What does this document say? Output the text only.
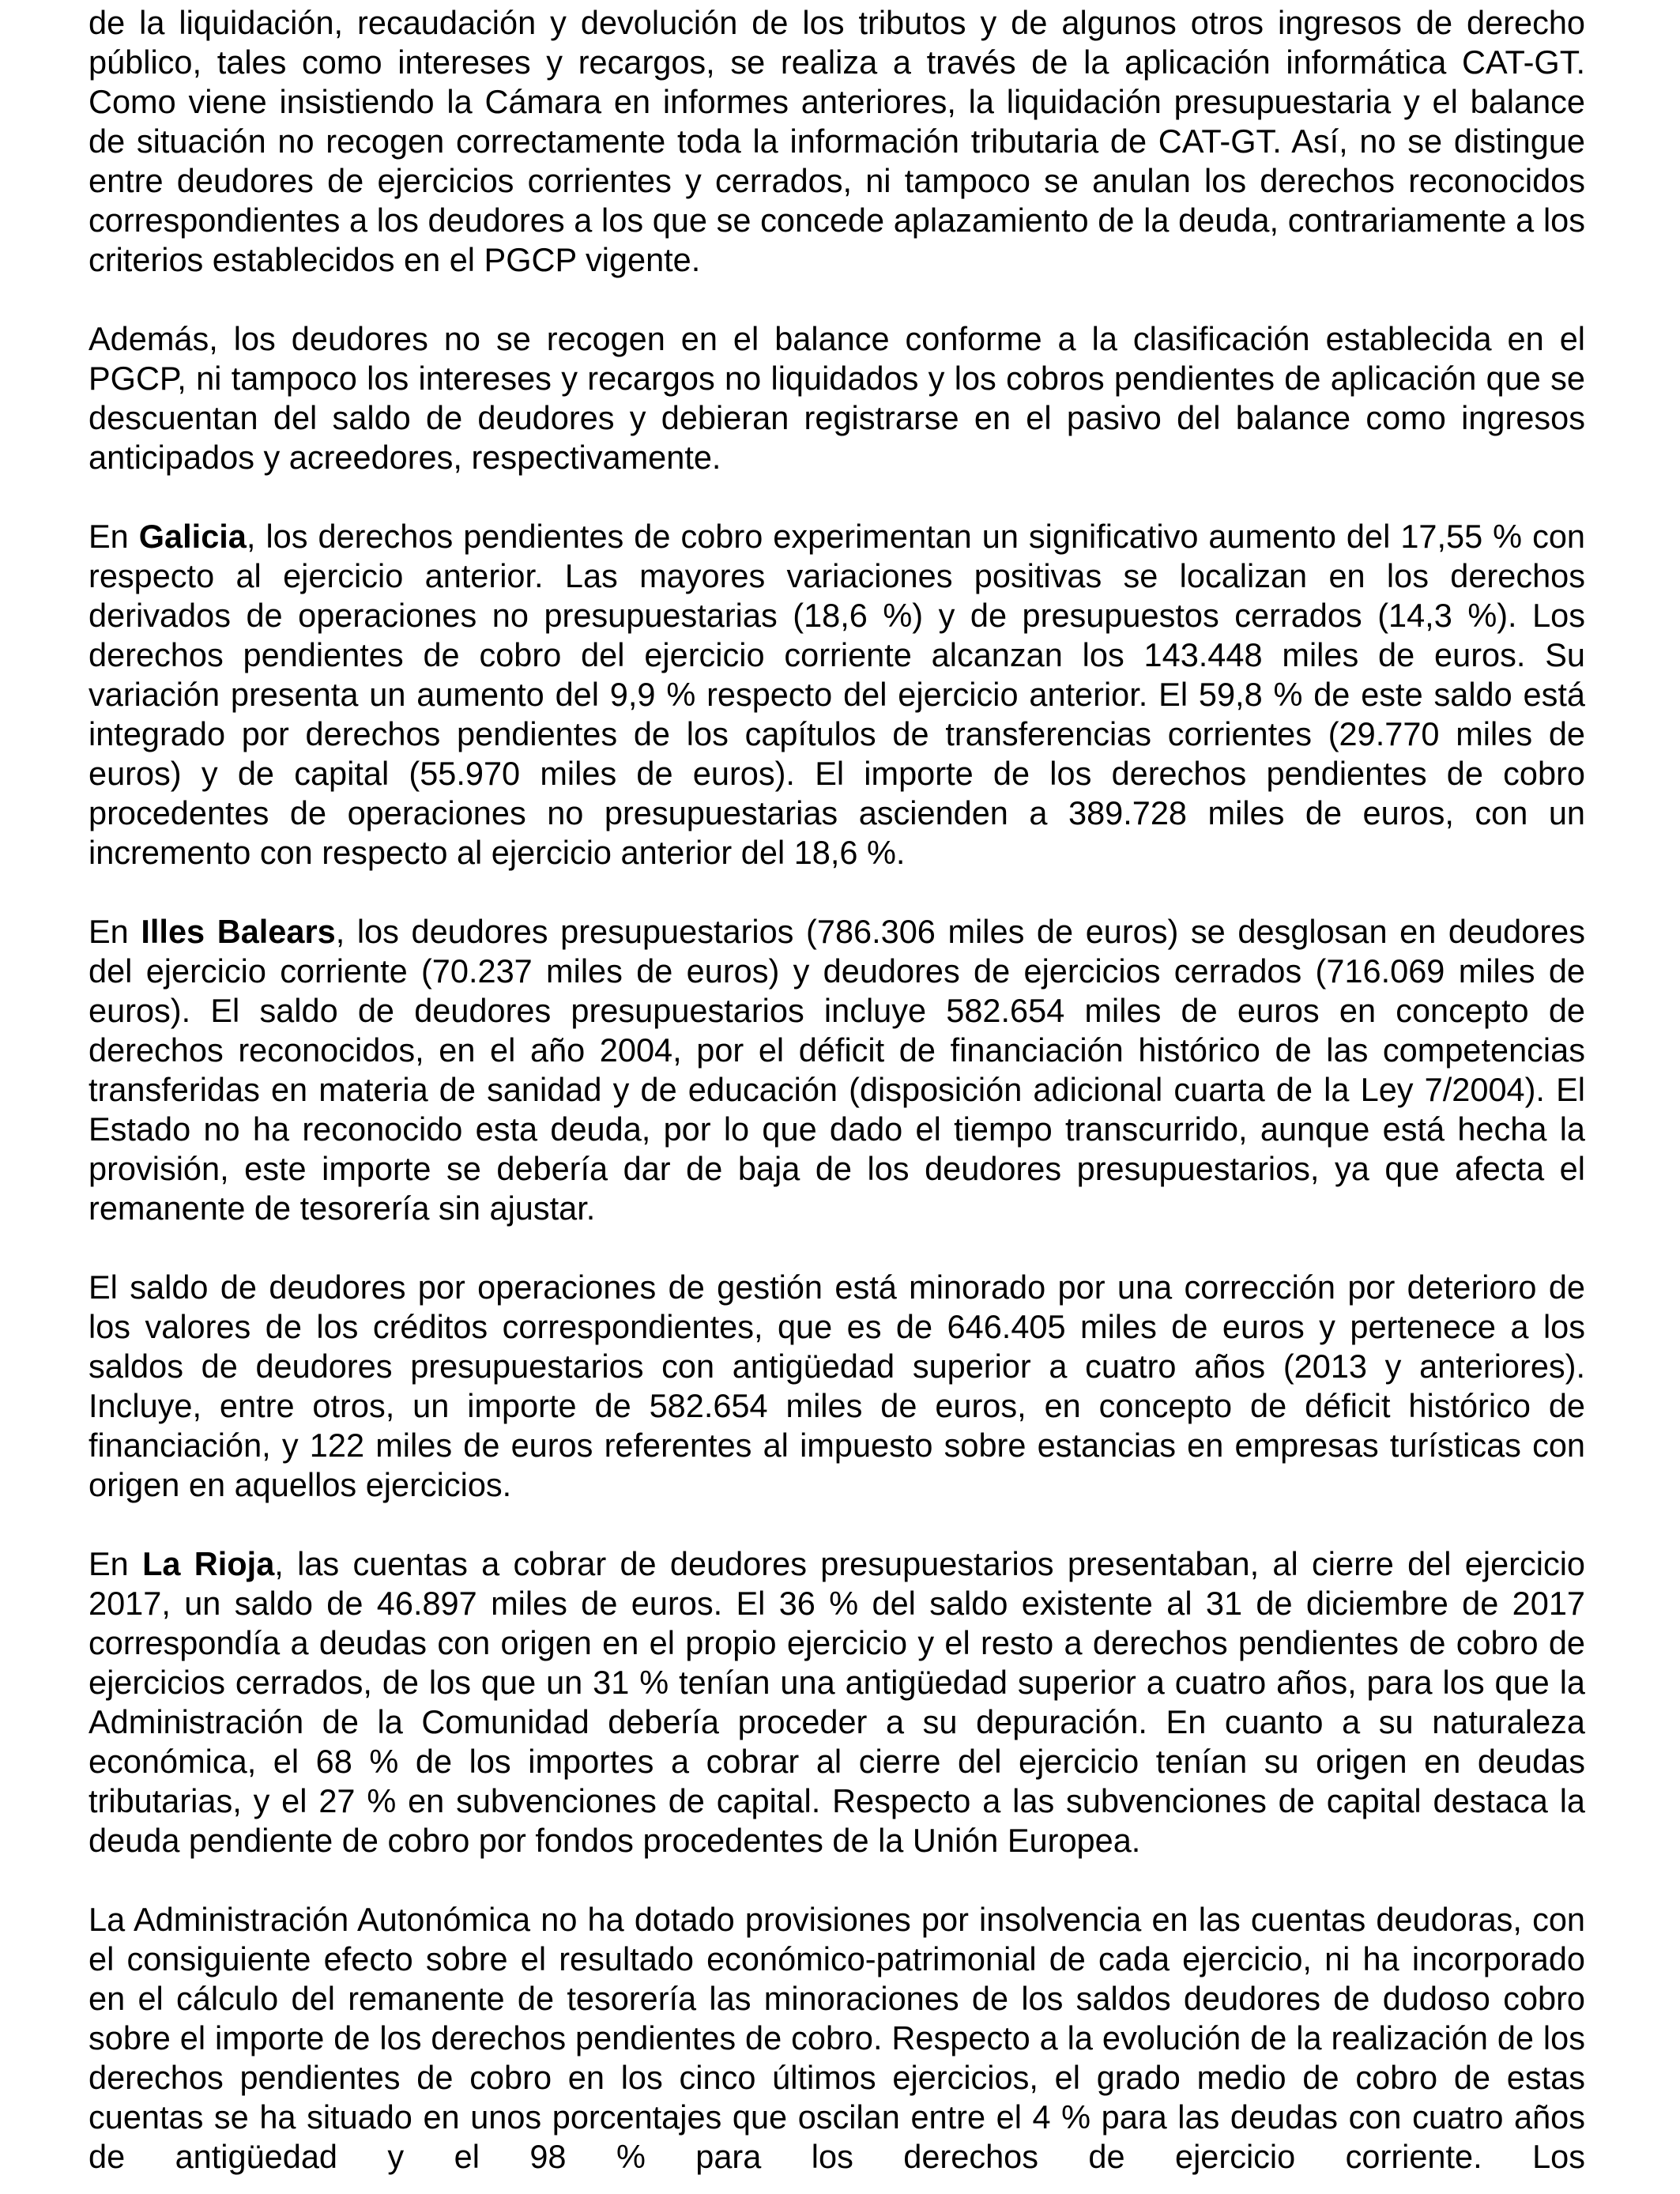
de la liquidación, recaudación y devolución de los tributos y de algunos otros ingresos de derecho público, tales como intereses y recargos, se realiza a través de la aplicación informática CAT-GT. Como viene insistiendo la Cámara en informes anteriores, la liquidación presupuestaria y el balance de situación no recogen correctamente toda la información tributaria de CAT-GT. Así, no se distingue entre deudores de ejercicios corrientes y cerrados, ni tampoco se anulan los derechos reconocidos correspondientes a los deudores a los que se concede aplazamiento de la deuda, contrariamente a los criterios establecidos en el PGCP vigente.

Además, los deudores no se recogen en el balance conforme a la clasificación establecida en el PGCP, ni tampoco los intereses y recargos no liquidados y los cobros pendientes de aplicación que se descuentan del saldo de deudores y debieran registrarse en el pasivo del balance como ingresos anticipados y acreedores, respectivamente.

En Galicia, los derechos pendientes de cobro experimentan un significativo aumento del 17,55 % con respecto al ejercicio anterior. Las mayores variaciones positivas se localizan en los derechos derivados de operaciones no presupuestarias (18,6 %) y de presupuestos cerrados (14,3 %). Los derechos pendientes de cobro del ejercicio corriente alcanzan los 143.448 miles de euros. Su variación presenta un aumento del 9,9 % respecto del ejercicio anterior. El 59,8 % de este saldo está integrado por derechos pendientes de los capítulos de transferencias corrientes (29.770 miles de euros) y de capital (55.970 miles de euros). El importe de los derechos pendientes de cobro procedentes de operaciones no presupuestarias ascienden a 389.728 miles de euros, con un incremento con respecto al ejercicio anterior del 18,6 %.

En Illes Balears, los deudores presupuestarios (786.306 miles de euros) se desglosan en deudores del ejercicio corriente (70.237 miles de euros) y deudores de ejercicios cerrados (716.069 miles de euros). El saldo de deudores presupuestarios incluye 582.654 miles de euros en concepto de derechos reconocidos, en el año 2004, por el déficit de financiación histórico de las competencias transferidas en materia de sanidad y de educación (disposición adicional cuarta de la Ley 7/2004). El Estado no ha reconocido esta deuda, por lo que dado el tiempo transcurrido, aunque está hecha la provisión, este importe se debería dar de baja de los deudores presupuestarios, ya que afecta el remanente de tesorería sin ajustar.

El saldo de deudores por operaciones de gestión está minorado por una corrección por deterioro de los valores de los créditos correspondientes, que es de 646.405 miles de euros y pertenece a los saldos de deudores presupuestarios con antigüedad superior a cuatro años (2013 y anteriores). Incluye, entre otros, un importe de 582.654 miles de euros, en concepto de déficit histórico de financiación, y 122 miles de euros referentes al impuesto sobre estancias en empresas turísticas con origen en aquellos ejercicios.

En La Rioja, las cuentas a cobrar de deudores presupuestarios presentaban, al cierre del ejercicio 2017, un saldo de 46.897 miles de euros. El 36 % del saldo existente al 31 de diciembre de 2017 correspondía a deudas con origen en el propio ejercicio y el resto a derechos pendientes de cobro de ejercicios cerrados, de los que un 31 % tenían una antigüedad superior a cuatro años, para los que la Administración de la Comunidad debería proceder a su depuración. En cuanto a su naturaleza económica, el 68 % de los importes a cobrar al cierre del ejercicio tenían su origen en deudas tributarias, y el 27 % en subvenciones de capital. Respecto a las subvenciones de capital destaca la deuda pendiente de cobro por fondos procedentes de la Unión Europea.

La Administración Autonómica no ha dotado provisiones por insolvencia en las cuentas deudoras, con el consiguiente efecto sobre el resultado económico-patrimonial de cada ejercicio, ni ha incorporado en el cálculo del remanente de tesorería las minoraciones de los saldos deudores de dudoso cobro sobre el importe de los derechos pendientes de cobro. Respecto a la evolución de la realización de los derechos pendientes de cobro en los cinco últimos ejercicios, el grado medio de cobro de estas cuentas se ha situado en unos porcentajes que oscilan entre el 4 % para las deudas con cuatro años de antigüedad y el 98 % para los derechos de ejercicio corriente. Los
